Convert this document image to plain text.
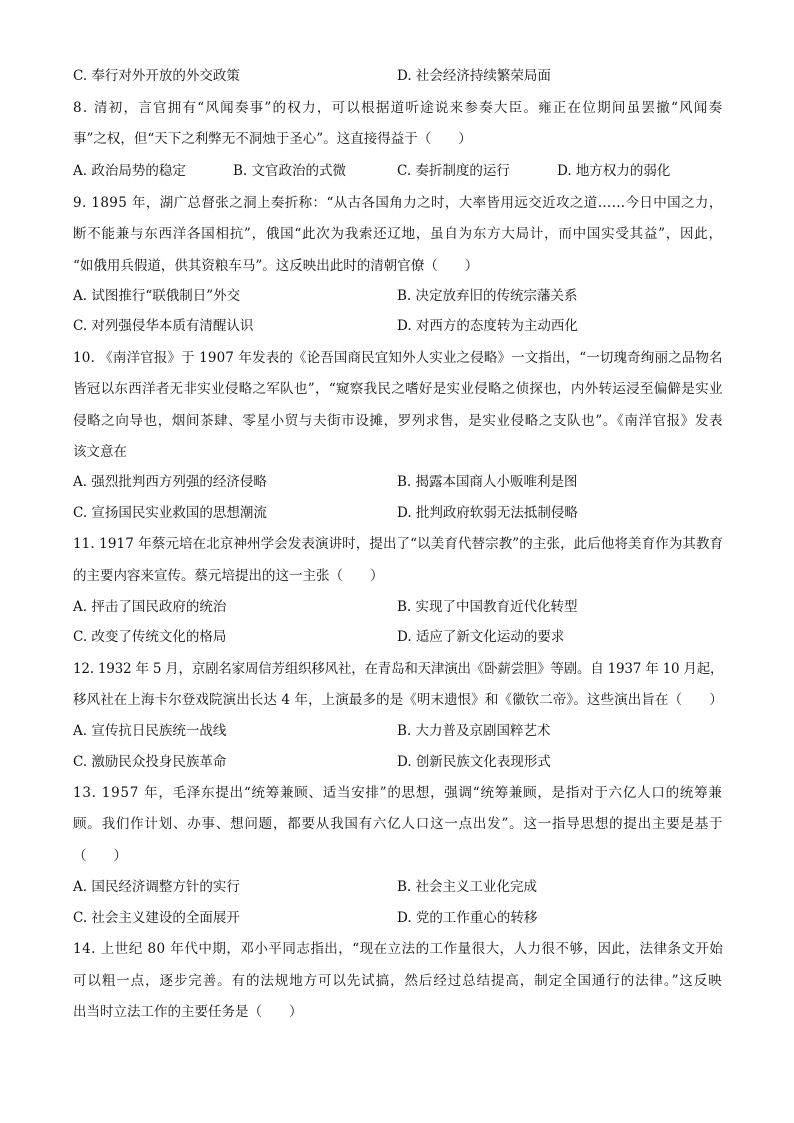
C. 奉行对外开放的外交政策	D. 社会经济持续繁荣局面
8. 清初，言官拥有“风闻奏事”的权力，可以根据道听途说来参奏大臣。雍正在位期间虽罢撤“风闻奏
事”之权，但“天下之利弊无不洞烛于圣心”。这直接得益于（　　）
A. 政治局势的稳定	B. 文官政治的式微	C. 奏折制度的运行	D. 地方权力的弱化
9. 1895 年，湖广总督张之洞上奏折称：“从古各国角力之时，大率皆用远交近攻之道……今日中国之力，
断不能兼与东西洋各国相抗”，俄国“此次为我索还辽地，虽自为东方大局计，而中国实受其益”，因此，
“如俄用兵假道，供其资粮车马”。这反映出此时的清朝官僚（　　）
A. 试图推行“联俄制日”外交	B. 决定放弃旧的传统宗藩关系
C. 对列强侵华本质有清醒认识	D. 对西方的态度转为主动西化
10. 《南洋官报》于 1907 年发表的《论吾国商民宜知外人实业之侵略》一文指出，“一切瑰奇绚丽之品物名
皆冠以东西洋者无非实业侵略之军队也”，“窥察我民之嗜好是实业侵略之侦探也，内外转运浸至偏僻是实业
侵略之向导也，烟间茶肆、零星小贸与夫街市设摊，罗列求售，是实业侵略之支队也”。《南洋官报》发表
该文意在
A. 强烈批判西方列强的经济侵略	B. 揭露本国商人小贩唯利是图
C. 宣扬国民实业救国的思想潮流	D. 批判政府软弱无法抵制侵略
11. 1917 年蔡元培在北京神州学会发表演讲时，提出了“以美育代替宗教”的主张，此后他将美育作为其教育
的主要内容来宣传。蔡元培提出的这一主张（　　）
A. 抨击了国民政府的统治	B. 实现了中国教育近代化转型
C. 改变了传统文化的格局	D. 适应了新文化运动的要求
12. 1932 年 5 月，京剧名家周信芳组织移风社，在青岛和天津演出《卧薪尝胆》等剧。自 1937 年 10 月起，
移风社在上海卡尔登戏院演出长达 4 年，上演最多的是《明末遗恨》和《徽钦二帝》。这些演出旨在（　　）
A. 宣传抗日民族统一战线	B. 大力普及京剧国粹艺术
C. 激励民众投身民族革命	D. 创新民族文化表现形式
13. 1957 年，毛泽东提出“统筹兼顾、适当安排”的思想，强调“统筹兼顾，是指对于六亿人口的统筹兼
顾。我们作计划、办事、想问题，都要从我国有六亿人口这一点出发”。这一指导思想的提出主要是基于
（　　）
A. 国民经济调整方针的实行	B. 社会主义工业化完成
C. 社会主义建设的全面展开	D. 党的工作重心的转移
14. 上世纪 80 年代中期，邓小平同志指出，“现在立法的工作量很大，人力很不够，因此，法律条文开始
可以粗一点，逐步完善。有的法规地方可以先试搞，然后经过总结提高，制定全国通行的法律。”这反映
出当时立法工作的主要任务是（　　）
